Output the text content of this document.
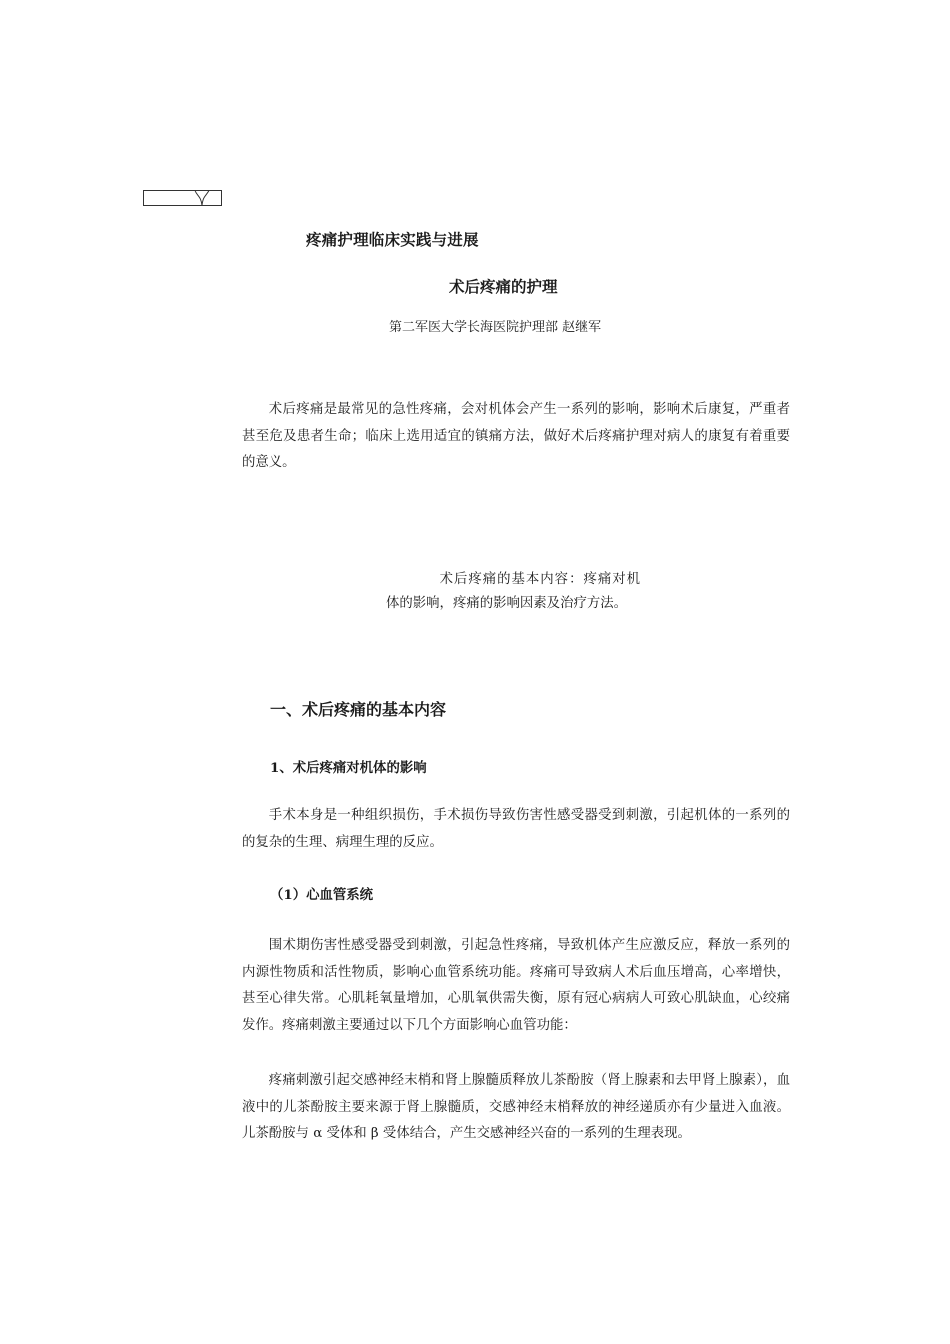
疼痛护理临床实践与进展
术后疼痛的护理
第二军医大学长海医院护理部 赵继军

术后疼痛是最常见的急性疼痛，会对机体会产生一系列的影响，影响术后康复，严重者甚至危及患者生命；临床上选用适宜的镇痛方法，做好术后疼痛护理对病人的康复有着重要的意义。

术后疼痛的基本内容：疼痛对机体的影响，疼痛的影响因素及治疗方法。

一、术后疼痛的基本内容
1、术后疼痛对机体的影响

手术本身是一种组织损伤，手术损伤导致伤害性感受器受到刺激，引起机体的一系列的的复杂的生理、病理生理的反应。

（1）心血管系统

围术期伤害性感受器受到刺激，引起急性疼痛，导致机体产生应激反应，释放一系列的内源性物质和活性物质，影响心血管系统功能。疼痛可导致病人术后血压增高，心率增快，甚至心律失常。心肌耗氧量增加，心肌氧供需失衡，原有冠心病病人可致心肌缺血，心绞痛发作。疼痛刺激主要通过以下几个方面影响心血管功能：

疼痛刺激引起交感神经末梢和肾上腺髓质释放儿茶酚胺（肾上腺素和去甲肾上腺素），血液中的儿茶酚胺主要来源于肾上腺髓质，交感神经末梢释放的神经递质亦有少量进入血液。儿茶酚胺与 α 受体和 β 受体结合，产生交感神经兴奋的一系列的生理表现。
